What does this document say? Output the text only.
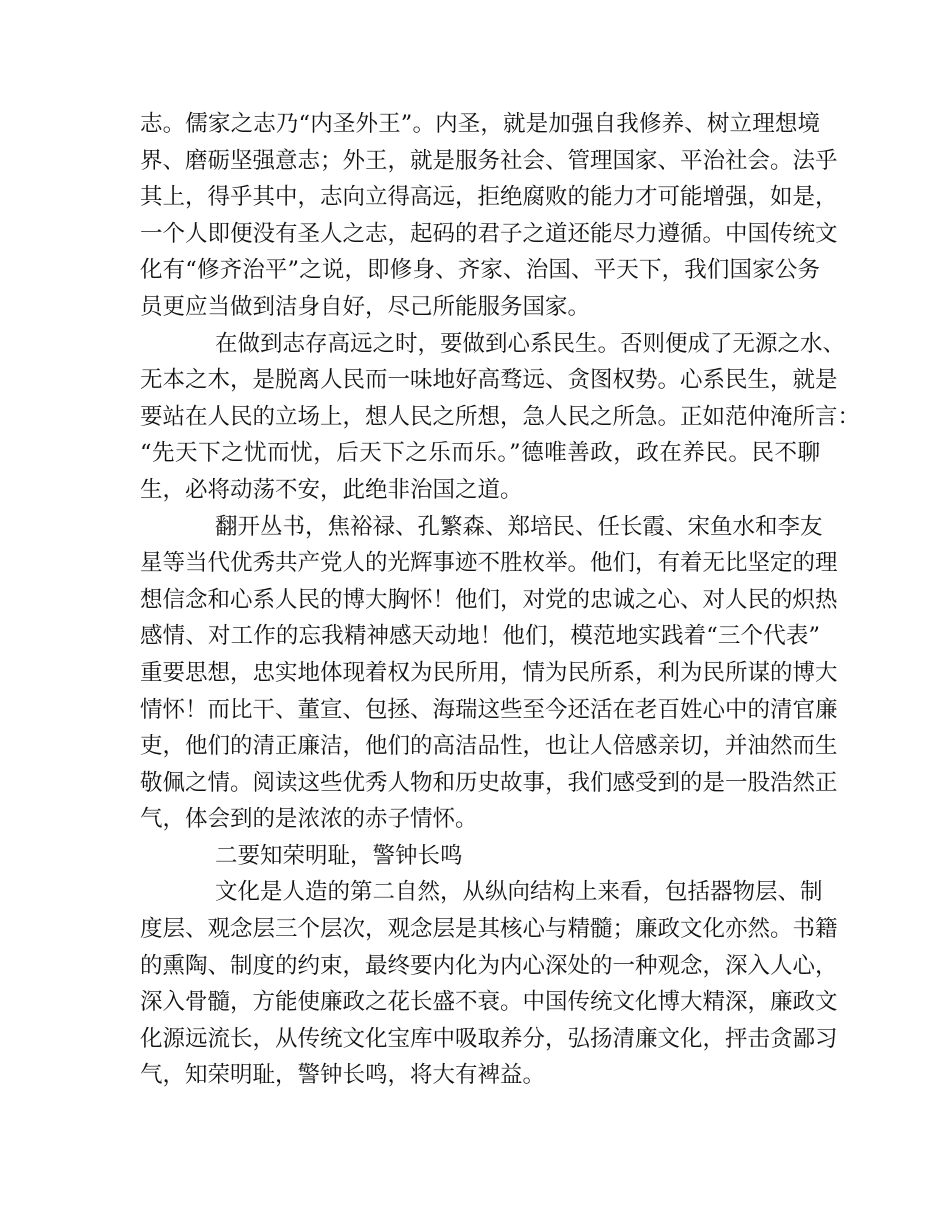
志。儒家之志乃“内圣外王”。内圣，就是加强自我修养、树立理想境
界、磨砺坚强意志；外王，就是服务社会、管理国家、平治社会。法乎
其上，得乎其中，志向立得高远，拒绝腐败的能力才可能增强，如是，
一个人即便没有圣人之志，起码的君子之道还能尽力遵循。中国传统文
化有“修齐治平”之说，即修身、齐家、治国、平天下，我们国家公务
员更应当做到洁身自好，尽己所能服务国家。

在做到志存高远之时，要做到心系民生。否则便成了无源之水、
无本之木，是脱离人民而一味地好高骛远、贪图权势。心系民生，就是
要站在人民的立场上，想人民之所想，急人民之所急。正如范仲淹所言：
“先天下之忧而忧，后天下之乐而乐。”德唯善政，政在养民。民不聊
生，必将动荡不安，此绝非治国之道。

翻开丛书，焦裕禄、孔繁森、郑培民、任长霞、宋鱼水和李友
星等当代优秀共产党人的光辉事迹不胜枚举。他们，有着无比坚定的理
想信念和心系人民的博大胸怀！他们，对党的忠诚之心、对人民的炽热
感情、对工作的忘我精神感天动地！他们，模范地实践着“三个代表”
重要思想，忠实地体现着权为民所用，情为民所系，利为民所谋的博大
情怀！而比干、董宣、包拯、海瑞这些至今还活在老百姓心中的清官廉
吏，他们的清正廉洁，他们的高洁品性，也让人倍感亲切，并油然而生
敬佩之情。阅读这些优秀人物和历史故事，我们感受到的是一股浩然正
气，体会到的是浓浓的赤子情怀。

二要知荣明耻，警钟长鸣

文化是人造的第二自然，从纵向结构上来看，包括器物层、制
度层、观念层三个层次，观念层是其核心与精髓；廉政文化亦然。书籍
的熏陶、制度的约束，最终要内化为内心深处的一种观念，深入人心，
深入骨髓，方能使廉政之花长盛不衰。中国传统文化博大精深，廉政文
化源远流长，从传统文化宝库中吸取养分，弘扬清廉文化，抨击贪鄙习
气，知荣明耻，警钟长鸣，将大有裨益。
